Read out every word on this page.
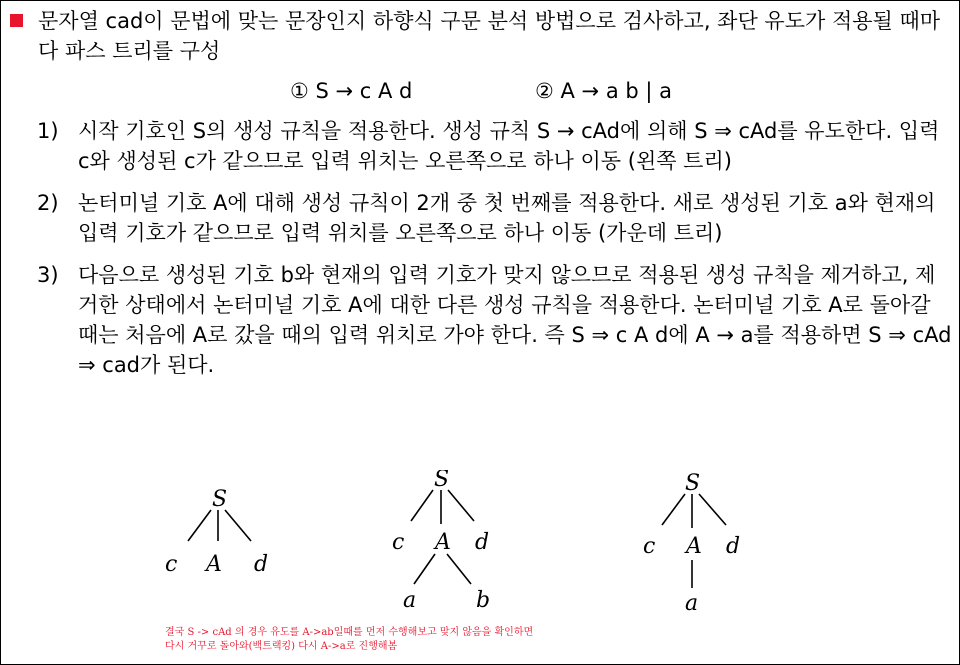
문자열 cad이 문법에 맞는 문장인지 하향식 구문 분석 방법으로 검사하고, 좌단 유도가 적용될 때마다 파스 트리를 구성
① S → c A d	② A → a b | a
1) 시작 기호인 S의 생성 규칙을 적용한다. 생성 규칙 S → cAd에 의해 S ⇒ cAd를 유도한다. 입력 c와 생성된 c가 같으므로 입력 위치는 오른쪽으로 하나 이동 (왼쪽 트리)
2) 논터미널 기호 A에 대해 생성 규칙이 2개 중 첫 번째를 적용한다. 새로 생성된 기호 a와 현재의 입력 기호가 같으므로 입력 위치를 오른쪽으로 하나 이동 (가운데 트리)
3) 다음으로 생성된 기호 b와 현재의 입력 기호가 맞지 않으므로 적용된 생성 규칙을 제거하고, 제거한 상태에서 논터미널 기호 A에 대한 다른 생성 규칙을 적용한다. 논터미널 기호 A로 돌아갈 때는 처음에 A로 갔을 때의 입력 위치로 가야 한다. 즉 S ⇒ c A d에 A → a를 적용하면 S ⇒ cAd ⇒ cad가 된다.
S
c A d
S
c A d
a	b
S
c A d
a
결국 S -> cAd 의 경우 유도를 A->ab일때를 먼저 수행해보고 맞지 않음을 확인하면
다시 거꾸로 돌아와(백트랙킹) 다시 A->a로 진행해봄
